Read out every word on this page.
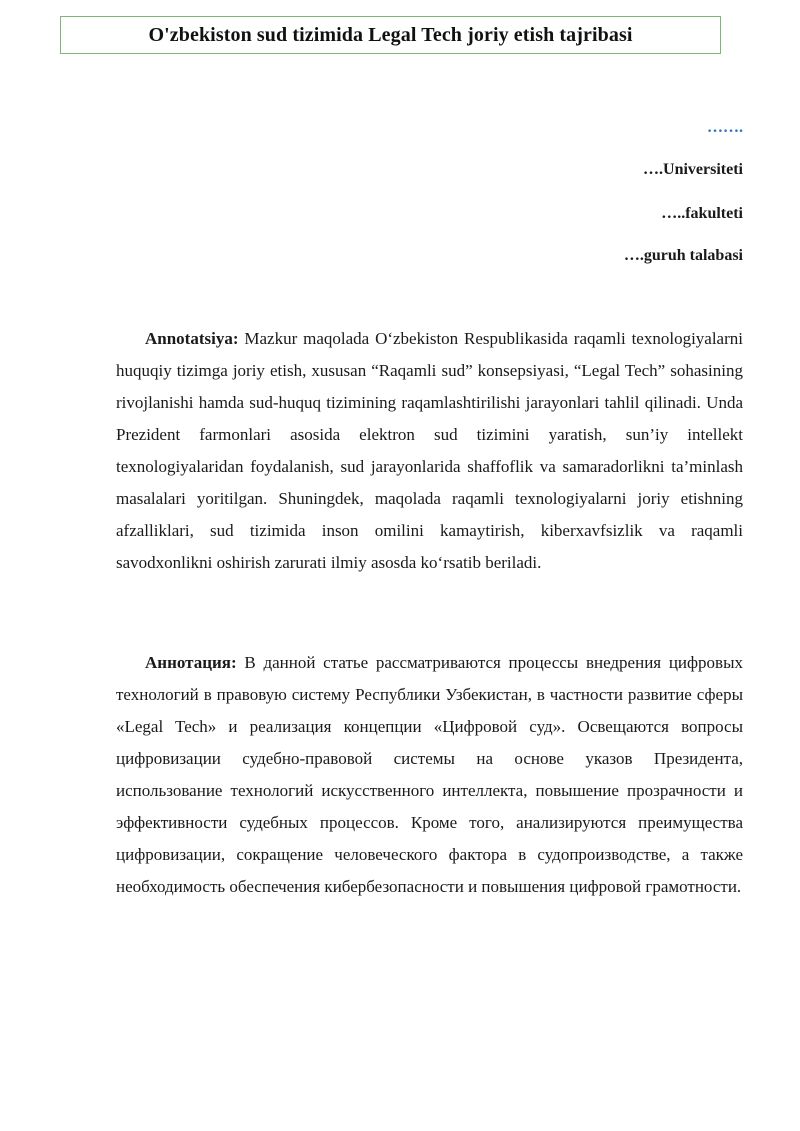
O'zbekiston sud tizimida Legal Tech joriy etish tajribasi
…….
….Universiteti
…..fakulteti
….guruh talabasi

Annotatsiya: Mazkur maqolada O‘zbekiston Respublikasida raqamli texnologiyalarni huquqiy tizimga joriy etish, xususan “Raqamli sud” konsepsiyasi, “Legal Tech” sohasining rivojlanishi hamda sud-huquq tizimining raqamlashtirilishi jarayonlari tahlil qilinadi. Unda Prezident farmonlari asosida elektron sud tizimini yaratish, sun’iy intellekt texnologiyalaridan foydalanish, sud jarayonlarida shaffoflik va samaradorlikni ta’minlash masalalari yoritilgan. Shuningdek, maqolada raqamli texnologiyalarni joriy etishning afzalliklari, sud tizimida inson omilini kamaytirish, kiberxavfsizlik va raqamli savodxonlikni oshirish zarurati ilmiy asosda ko‘rsatib beriladi.

Аннотация: В данной статье рассматриваются процессы внедрения цифровых технологий в правовую систему Республики Узбекистан, в частности развитие сферы «Legal Tech» и реализация концепции «Цифровой суд». Освещаются вопросы цифровизации судебно-правовой системы на основе указов Президента, использование технологий искусственного интеллекта, повышение прозрачности и эффективности судебных процессов. Кроме того, анализируются преимущества цифровизации, сокращение человеческого фактора в судопроизводстве, а также необходимость обеспечения кибербезопасности и повышения цифровой грамотности.
